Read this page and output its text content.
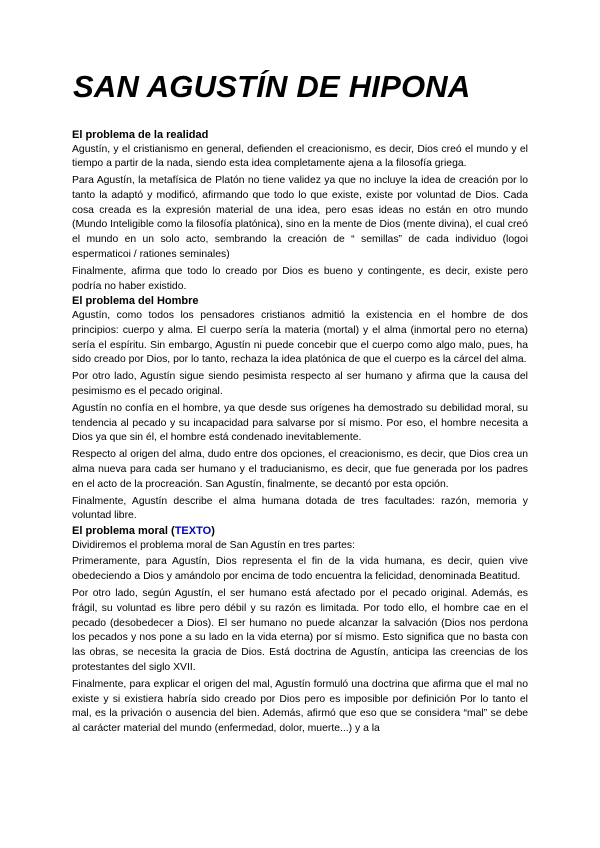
SAN AGUSTÍN DE HIPONA
El problema de la realidad

Agustín, y el cristianismo en general, defienden el creacionismo, es decir, Dios creó el mundo y el tiempo a partir de la nada, siendo esta idea completamente ajena a la filosofía griega.

Para Agustín, la metafísica de Platón no tiene validez ya que no incluye la idea de creación por lo tanto la adaptó y modificó, afirmando que todo lo que existe, existe por voluntad de Dios. Cada cosa creada es la expresión material de una idea, pero esas ideas no están en otro mundo (Mundo Inteligible como la filosofía platónica), sino en la mente de Dios (mente divina), el cual creó el mundo en un solo acto, sembrando la creación de “ semillas” de cada individuo (logoi espermaticoi / rationes seminales)

Finalmente, afirma que todo lo creado por Dios es bueno y contingente, es decir, existe pero podría no haber existido.

El problema del Hombre

Agustín, como todos los pensadores cristianos admitió la existencia en el hombre de dos principios: cuerpo y alma. El cuerpo sería la materia (mortal) y el alma (inmortal pero no eterna) sería el espíritu. Sin embargo, Agustín ni puede concebir que el cuerpo como algo malo, pues, ha sido creado por Dios, por lo tanto, rechaza la idea platónica de que el cuerpo es la cárcel del alma.

Por otro lado, Agustín sigue siendo pesimista respecto al ser humano y afirma que la causa del pesimismo es el pecado original.

Agustín no confía en el hombre, ya que desde sus orígenes ha demostrado su debilidad moral, su tendencia al pecado y su incapacidad para salvarse por sí mismo. Por eso, el hombre necesita a Dios ya que sin él, el hombre está condenado inevitablemente.

Respecto al origen del alma, dudo entre dos opciones, el creacionismo, es decir, que Dios crea un alma nueva para cada ser humano y el traducianismo, es decir, que fue generada por los padres en el acto de la procreación. San Agustín, finalmente, se decantó por esta opción.

Finalmente, Agustín describe el alma humana dotada de tres facultades: razón, memoria y voluntad libre.

El problema moral (TEXTO)

Dividiremos el problema moral de San Agustín en tres partes:

Primeramente, para Agustín, Dios representa el fin de la vida humana, es decir, quien vive obedeciendo a Dios y amándolo por encima de todo encuentra la felicidad, denominada Beatitud.

Por otro lado, según Agustín, el ser humano está afectado por el pecado original. Además, es frágil, su voluntad es libre pero débil y su razón es limitada. Por todo ello, el hombre cae en el pecado (desobedecer a Dios). El ser humano no puede alcanzar la salvación (Dios nos perdona los pecados y nos pone a su lado en la vida eterna) por sí mismo. Esto significa que no basta con las obras, se necesita la gracia de Dios. Está doctrina de Agustín, anticipa las creencias de los protestantes del siglo XVII.

Finalmente, para explicar el origen del mal, Agustín formuló una doctrina que afirma que el mal no existe y si existiera habría sido creado por Dios pero es imposible por definición Por lo tanto el mal, es la privación o ausencia del bien. Además, afirmó que eso que se considera “mal” se debe al carácter material del mundo (enfermedad, dolor, muerte...) y a la
